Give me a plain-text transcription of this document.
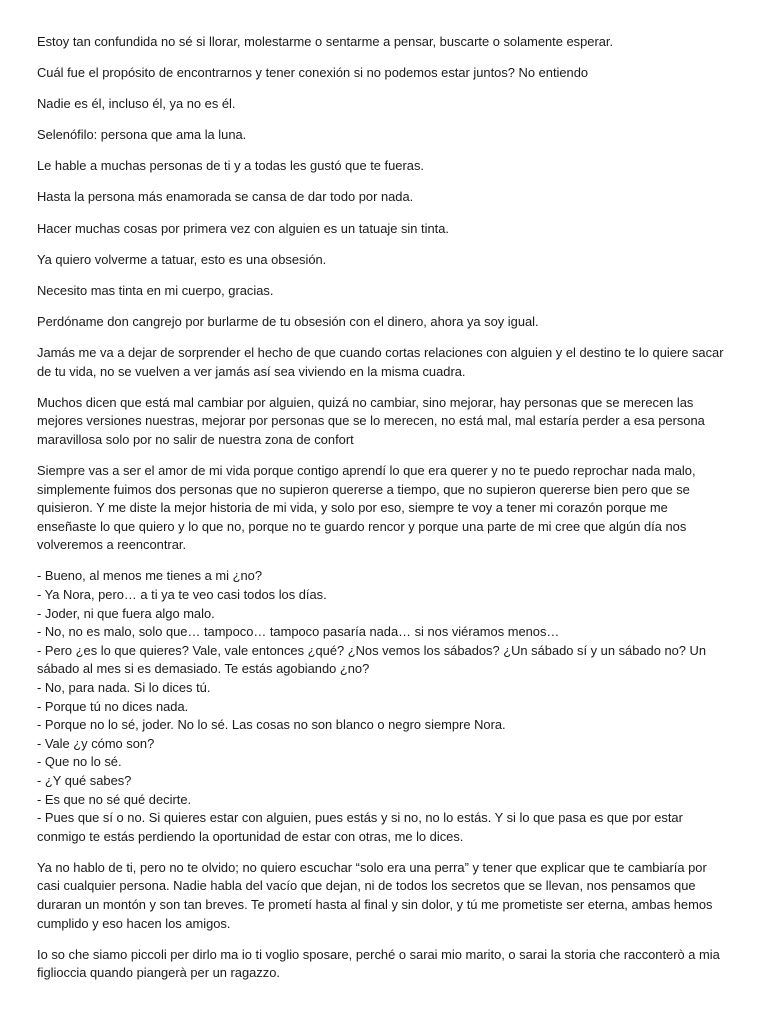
Estoy tan confundida no sé si llorar, molestarme o sentarme a pensar, buscarte o solamente esperar.

Cuál fue el propósito de encontrarnos y tener conexión si no podemos estar juntos? No entiendo

Nadie es él, incluso él, ya no es él.

Selenófilo: persona que ama la luna.

Le hable a muchas personas de ti y a todas les gustó que te fueras.

Hasta la persona más enamorada se cansa de dar todo por nada.

Hacer muchas cosas por primera vez con alguien es un tatuaje sin tinta.

Ya quiero volverme a tatuar, esto es una obsesión.

Necesito mas tinta en mi cuerpo, gracias.

Perdóname don cangrejo por burlarme de tu obsesión con el dinero, ahora ya soy igual.

Jamás me va a dejar de sorprender el hecho de que cuando cortas relaciones con alguien y el destino te lo quiere sacar de tu vida, no se vuelven a ver jamás así sea viviendo en la misma cuadra.

Muchos dicen que está mal cambiar por alguien, quizá no cambiar, sino mejorar, hay personas que se merecen las mejores versiones nuestras, mejorar por personas que se lo merecen, no está mal, mal estaría perder a esa persona maravillosa solo por no salir de nuestra zona de confort

Siempre vas a ser el amor de mi vida porque contigo aprendí lo que era querer y no te puedo reprochar nada malo, simplemente fuimos dos personas que no supieron quererse a tiempo, que no supieron quererse bien pero que se quisieron. Y me diste la mejor historia de mi vida, y solo por eso, siempre te voy a tener mi corazón porque me enseñaste lo que quiero y lo que no, porque no te guardo rencor y porque una parte de mi cree que algún día nos volveremos a reencontrar.

- Bueno, al menos me tienes a mi ¿no?
- Ya Nora, pero… a ti ya te veo casi todos los días.
- Joder, ni que fuera algo malo.
- No, no es malo, solo que… tampoco… tampoco pasaría nada… si nos viéramos menos…
- Pero ¿es lo que quieres? Vale, vale entonces ¿qué? ¿Nos vemos los sábados? ¿Un sábado sí y un sábado no? Un sábado al mes si es demasiado. Te estás agobiando ¿no?
- No, para nada. Si lo dices tú.
- Porque tú no dices nada.
- Porque no lo sé, joder. No lo sé. Las cosas no son blanco o negro siempre Nora.
- Vale ¿y cómo son?
- Que no lo sé.
- ¿Y qué sabes?
- Es que no sé qué decirte.
- Pues que sí o no. Si quieres estar con alguien, pues estás y si no, no lo estás. Y si lo que pasa es que por estar conmigo te estás perdiendo la oportunidad de estar con otras, me lo dices.

Ya no hablo de ti, pero no te olvido; no quiero escuchar “solo era una perra” y tener que explicar que te cambiaría por casi cualquier persona. Nadie habla del vacío que dejan, ni de todos los secretos que se llevan, nos pensamos que duraran un montón y son tan breves. Te prometí hasta al final y sin dolor, y tú me prometiste ser eterna, ambas hemos cumplido y eso hacen los amigos.

Io so che siamo piccoli per dirlo ma io ti voglio sposare, perché o sarai mio marito, o sarai la storia che racconterò a mia figlioccia quando piangerà per un ragazzo.
